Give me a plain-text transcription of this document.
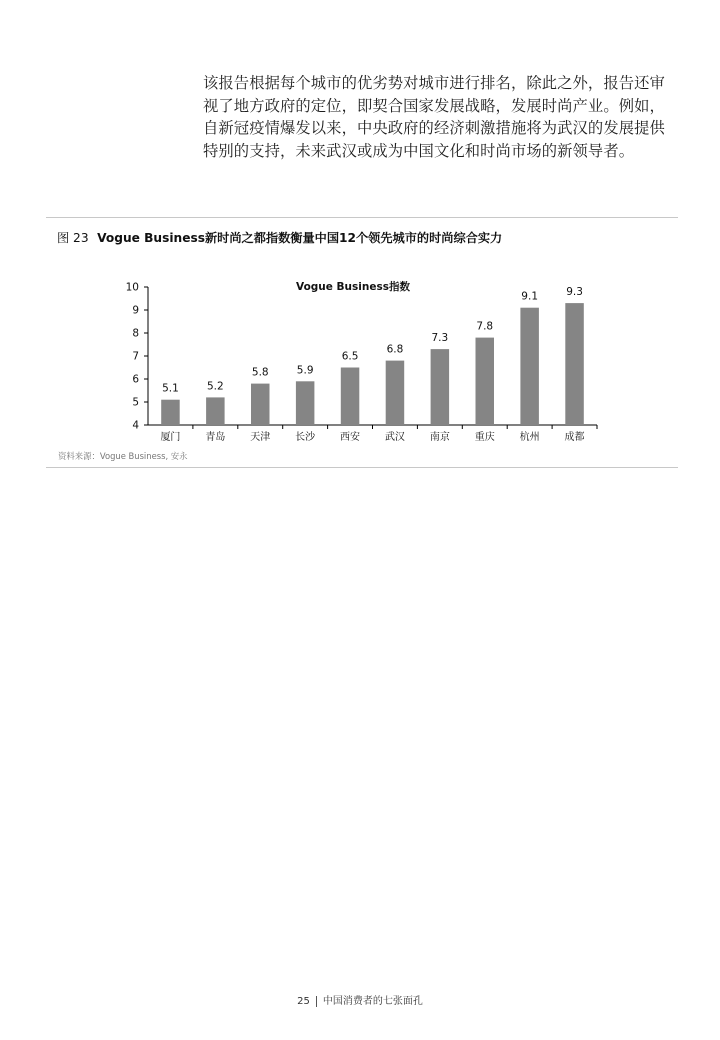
该报告根据每个城市的优劣势对城市进行排名，除此之外，报告还审视了地方政府的定位，即契合国家发展战略，发展时尚产业。例如，自新冠疫情爆发以来，中央政府的经济刺激措施将为武汉的发展提供特别的支持，未来武汉或成为中国文化和时尚市场的新领导者。

图 23 Vogue Business新时尚之都指数衡量中国12个领先城市的时尚综合实力
Vogue Business指数
4
5
6
7
8
9
10
5.1
厦门
5.2
青岛
5.8
天津
5.9
长沙
6.5
西安
6.8
武汉
7.3
南京
7.8
重庆
9.1
杭州
9.3
成都
资料来源：Vogue Business, 安永
25 中国消费者的七张面孔
